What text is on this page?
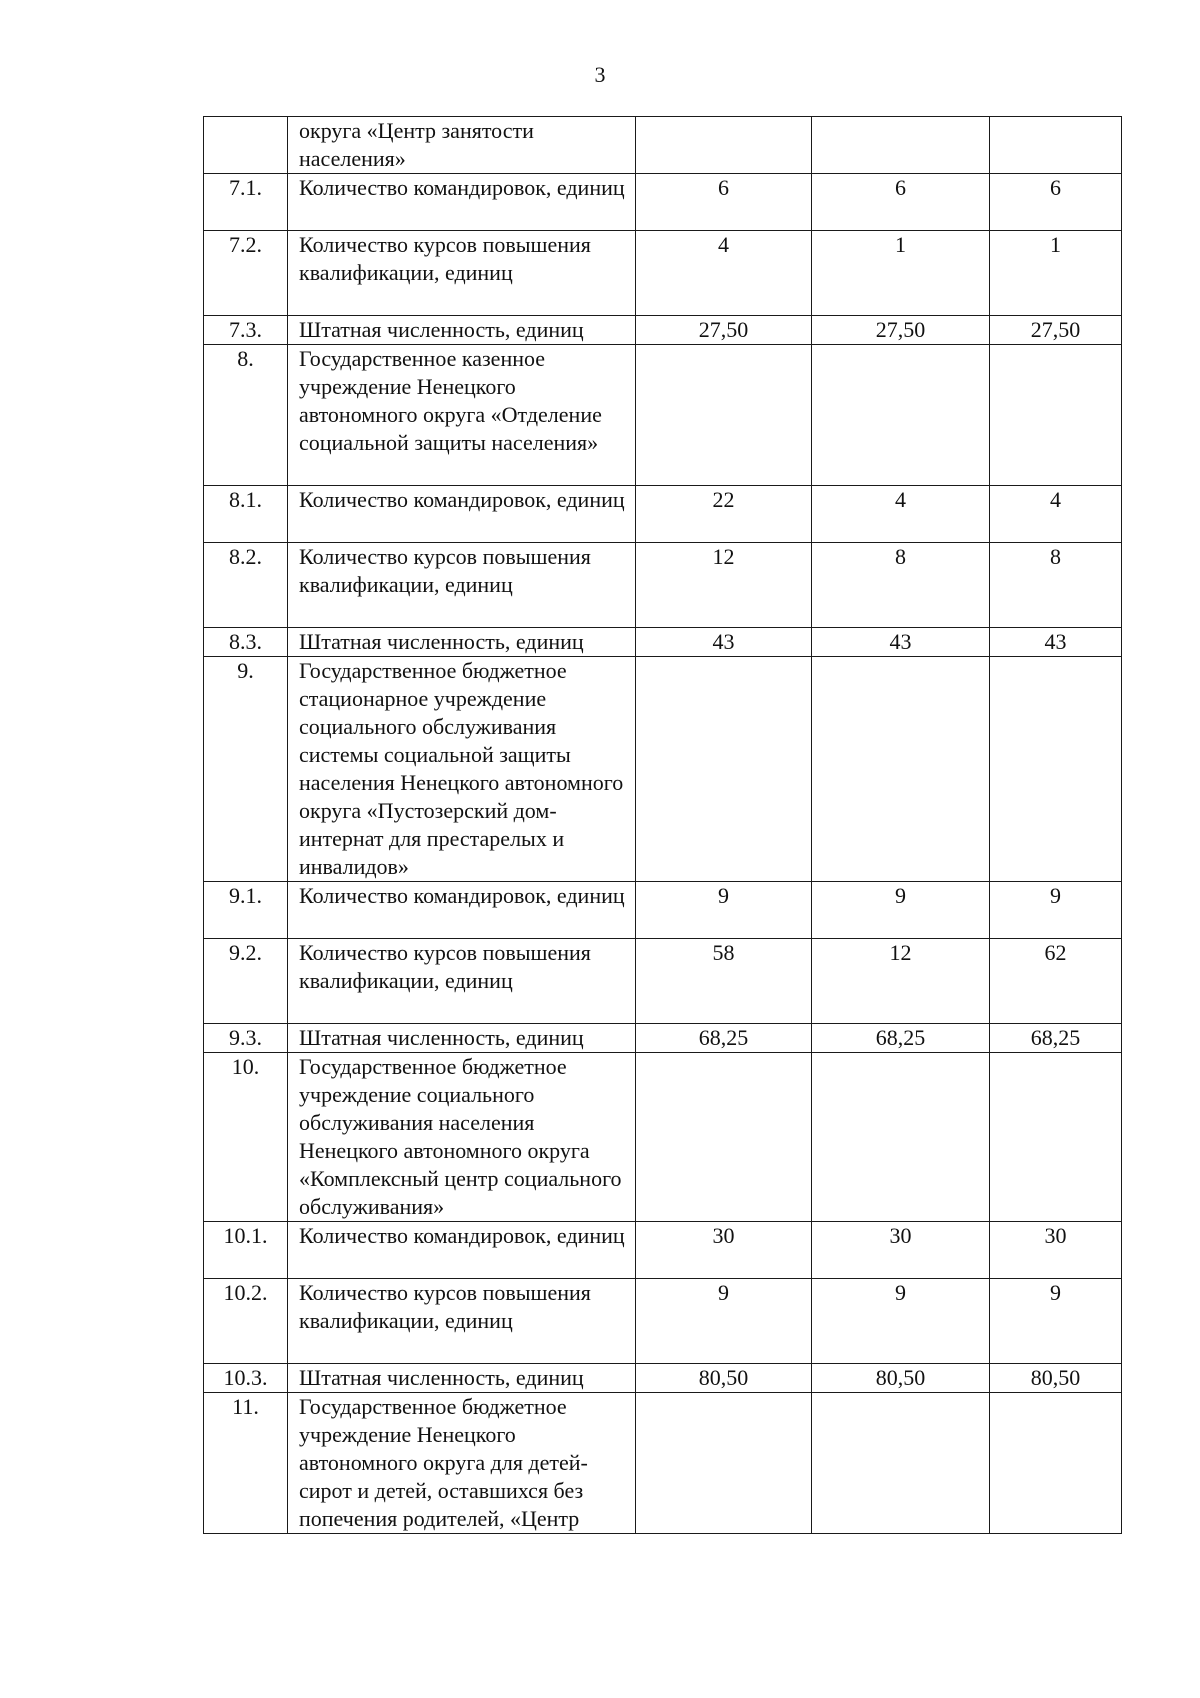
3
	округа «Центр занятости населения»			
7.1.	Количество командировок, единиц	6	6	6
7.2.	Количество курсов повышения квалификации, единиц	4	1	1
7.3.	Штатная численность, единиц	27,50	27,50	27,50
8.	Государственное казенное учреждение Ненецкого автономного округа «Отделение социальной защиты населения»			
8.1.	Количество командировок, единиц	22	4	4
8.2.	Количество курсов повышения квалификации, единиц	12	8	8
8.3.	Штатная численность, единиц	43	43	43
9.	Государственное бюджетное стационарное учреждение социального обслуживания системы социальной защиты населения Ненецкого автономного округа «Пустозерский дом-интернат для престарелых и инвалидов»			
9.1.	Количество командировок, единиц	9	9	9
9.2.	Количество курсов повышения квалификации, единиц	58	12	62
9.3.	Штатная численность, единиц	68,25	68,25	68,25
10.	Государственное бюджетное учреждение социального обслуживания населения Ненецкого автономного округа «Комплексный центр социального обслуживания»			
10.1.	Количество командировок, единиц	30	30	30
10.2.	Количество курсов повышения квалификации, единиц	9	9	9
10.3.	Штатная численность, единиц	80,50	80,50	80,50
11.	Государственное бюджетное учреждение Ненецкого автономного округа для детей-сирот и детей, оставшихся без попечения родителей, «Центр			
